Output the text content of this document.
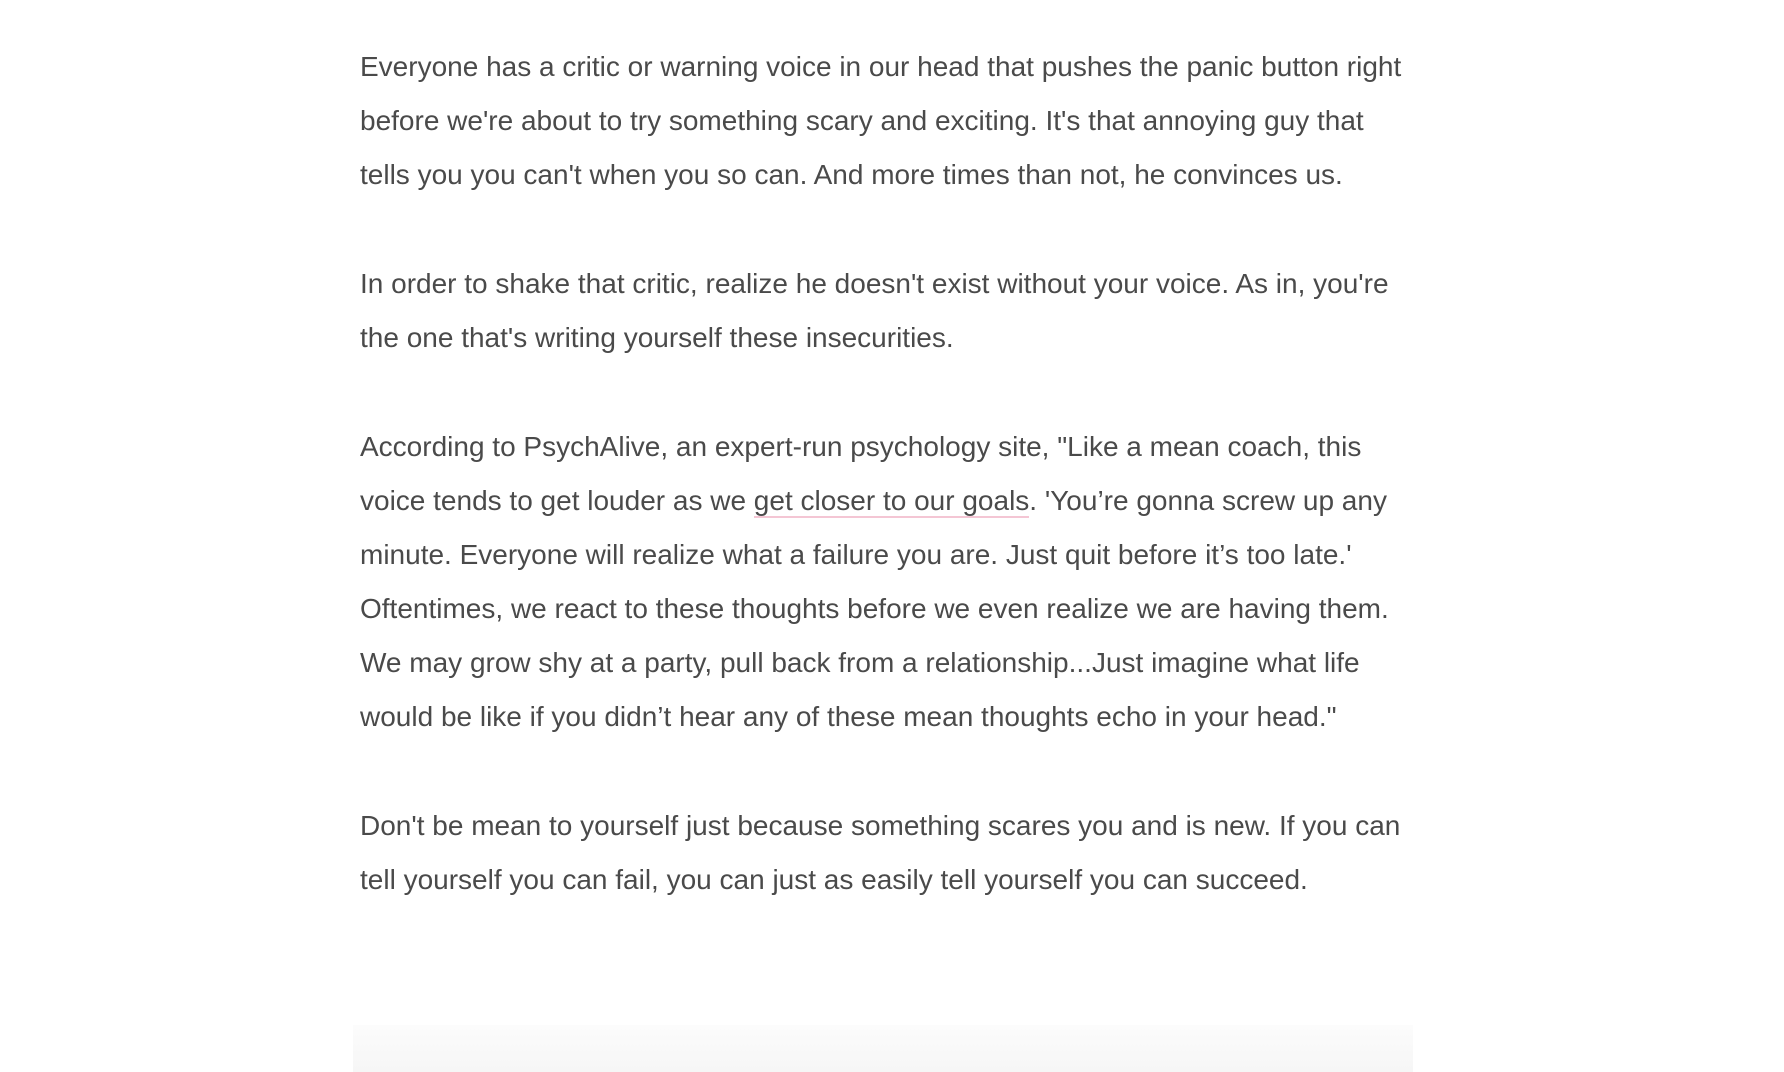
Everyone has a critic or warning voice in our head that pushes the panic button right before we're about to try something scary and exciting. It's that annoying guy that tells you you can't when you so can. And more times than not, he convinces us.

In order to shake that critic, realize he doesn't exist without your voice. As in, you're the one that's writing yourself these insecurities.

According to PsychAlive, an expert-run psychology site, "Like a mean coach, this voice tends to get louder as we get closer to our goals. 'You’re gonna screw up any minute. Everyone will realize what a failure you are. Just quit before it’s too late.' Oftentimes, we react to these thoughts before we even realize we are having them. We may grow shy at a party, pull back from a relationship...Just imagine what life would be like if you didn’t hear any of these mean thoughts echo in your head."

Don't be mean to yourself just because something scares you and is new. If you can tell yourself you can fail, you can just as easily tell yourself you can succeed.
